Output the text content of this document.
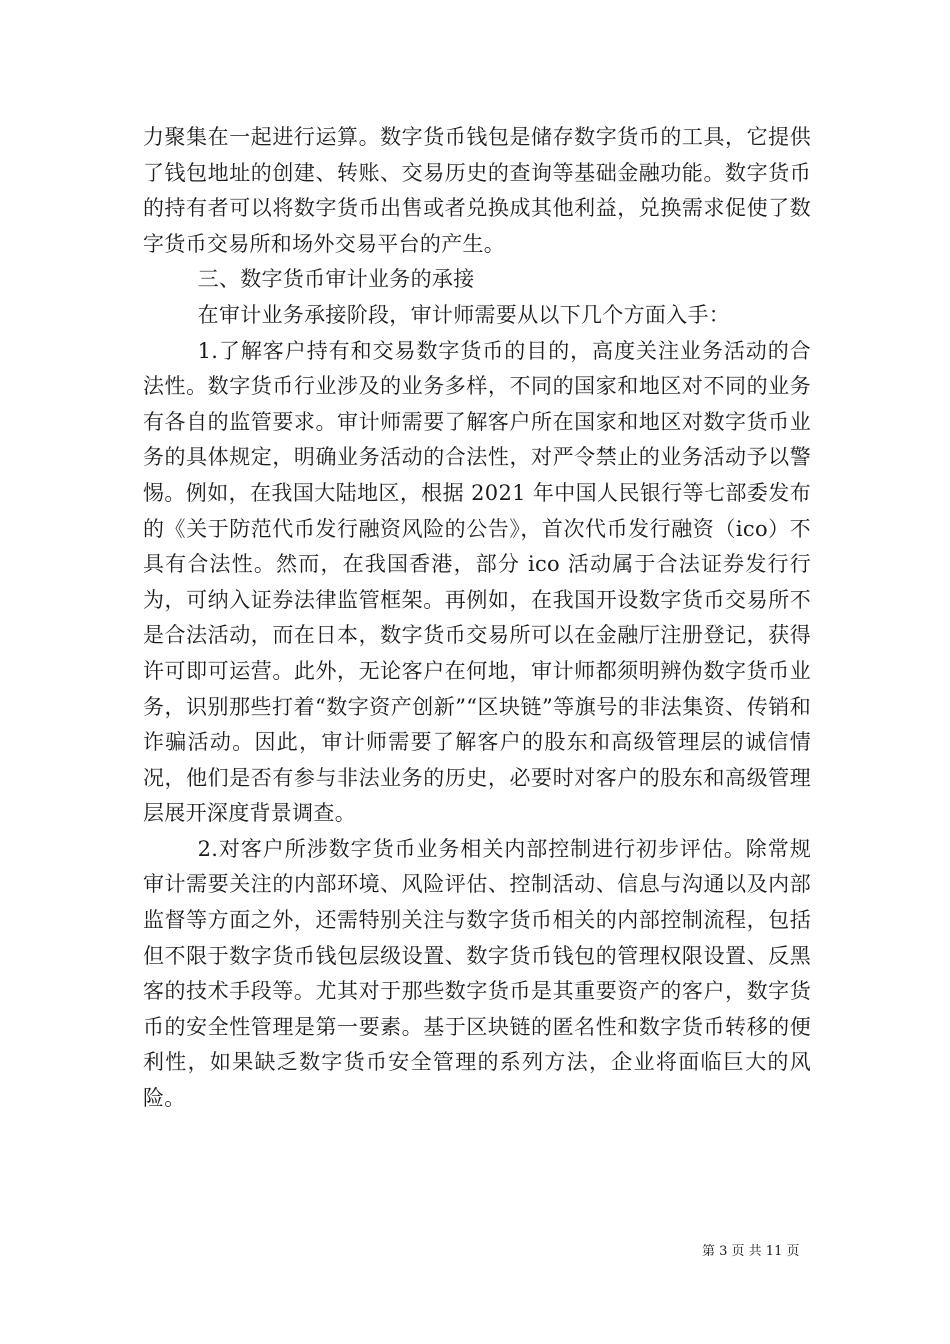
力聚集在一起进行运算。数字货币钱包是储存数字货币的工具，它提供了钱包地址的创建、转账、交易历史的查询等基础金融功能。数字货币的持有者可以将数字货币出售或者兑换成其他利益，兑换需求促使了数字货币交易所和场外交易平台的产生。

三、数字货币审计业务的承接

在审计业务承接阶段，审计师需要从以下几个方面入手：

1.了解客户持有和交易数字货币的目的，高度关注业务活动的合法性。数字货币行业涉及的业务多样，不同的国家和地区对不同的业务有各自的监管要求。审计师需要了解客户所在国家和地区对数字货币业务的具体规定，明确业务活动的合法性，对严令禁止的业务活动予以警惕。例如，在我国大陆地区，根据 2021 年中国人民银行等七部委发布的《关于防范代币发行融资风险的公告》，首次代币发行融资（ico）不具有合法性。然而，在我国香港，部分 ico 活动属于合法证券发行行为，可纳入证券法律监管框架。再例如，在我国开设数字货币交易所不是合法活动，而在日本，数字货币交易所可以在金融厅注册登记，获得许可即可运营。此外，无论客户在何地，审计师都须明辨伪数字货币业务，识别那些打着“数字资产创新”“区块链”等旗号的非法集资、传销和诈骗活动。因此，审计师需要了解客户的股东和高级管理层的诚信情况，他们是否有参与非法业务的历史，必要时对客户的股东和高级管理层展开深度背景调查。

2.对客户所涉数字货币业务相关内部控制进行初步评估。除常规审计需要关注的内部环境、风险评估、控制活动、信息与沟通以及内部监督等方面之外，还需特别关注与数字货币相关的内部控制流程，包括但不限于数字货币钱包层级设置、数字货币钱包的管理权限设置、反黑客的技术手段等。尤其对于那些数字货币是其重要资产的客户，数字货币的安全性管理是第一要素。基于区块链的匿名性和数字货币转移的便利性，如果缺乏数字货币安全管理的系列方法，企业将面临巨大的风险。

第 3 页 共 11 页
